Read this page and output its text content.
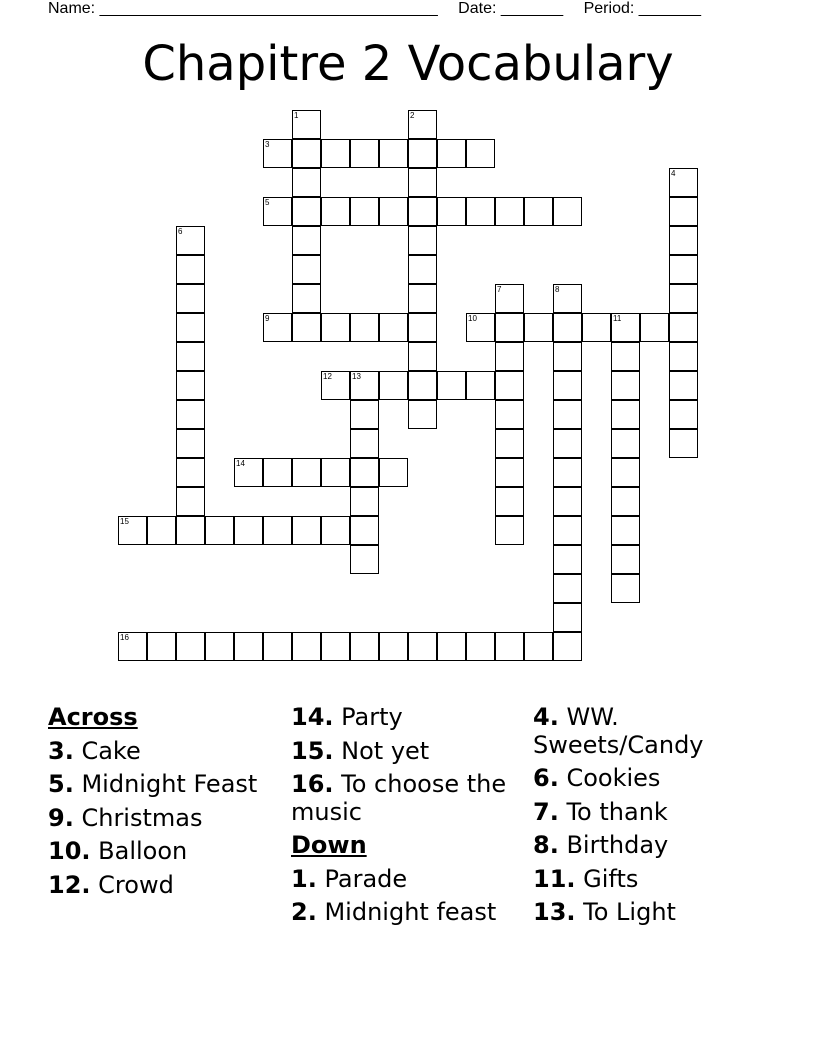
Name: ______________________________________ Date: _______ Period: _______
Chapitre 2 Vocabulary
1	2
3
4
5
6
7	8
9	10	11
12	13
14
15
16
Across
3. Cake
5. Midnight Feast
9. Christmas
10. Balloon
12. Crowd
14. Party
15. Not yet
16. To choose the music
Down
1. Parade
2. Midnight feast
4. WW. Sweets/Candy
6. Cookies
7. To thank
8. Birthday
11. Gifts
13. To Light
